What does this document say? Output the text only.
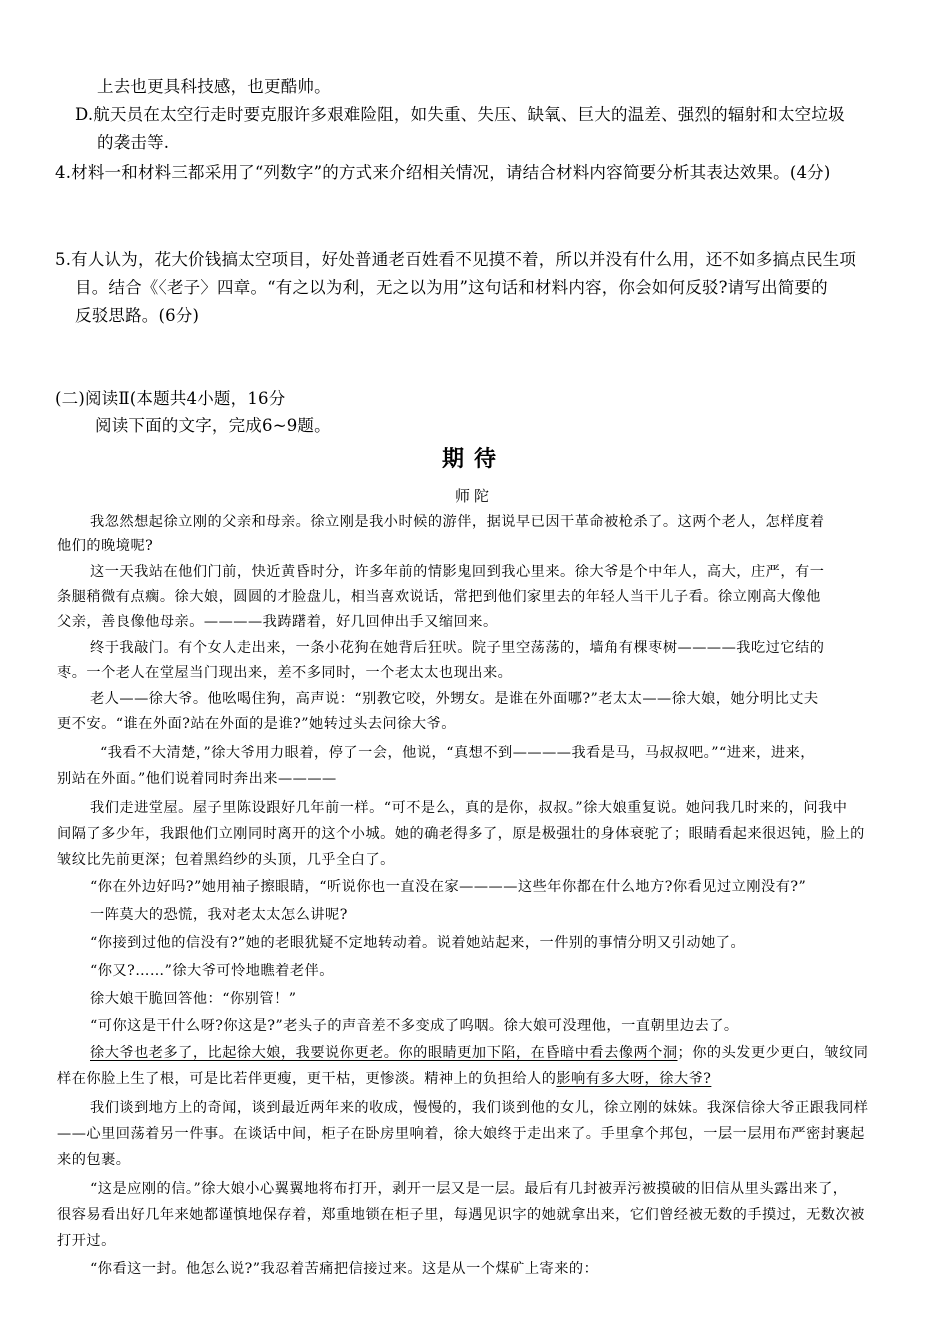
上去也更具科技感，也更酷帅。
D.航天员在太空行走时要克服许多艰难险阻，如失重、失压、缺氧、巨大的温差、强烈的辐射和太空垃圾
的袭击等.
4.材料一和材料三都采用了“列数字”的方式来介绍相关情况，请结合材料内容简要分析其表达效果。(4分)
5.有人认为，花大价钱搞太空项目，好处普通老百姓看不见摸不着，所以并没有什么用，还不如多搞点民生项
目。结合《〈老子〉四章。“有之以为利，无之以为用”这句话和材料内容，你会如何反驳?请写出简要的
反驳思路。(6分)
(二)阅读Ⅱ(本题共4小题，16分
阅读下面的文字，完成6~9题。
期待
师陀
我忽然想起徐立刚的父亲和母亲。徐立刚是我小时候的游伴，据说早已因干革命被枪杀了。这两个老人，怎样度着
他们的晚境呢?
这一天我站在他们门前，快近黄昏时分，许多年前的情影鬼回到我心里来。徐大爷是个中年人，高大，庄严，有一
条腿稍微有点瘸。徐大娘，圆圆的才脸盘儿，相当喜欢说话，常把到他们家里去的年轻人当干儿子看。徐立刚高大像他
父亲，善良像他母亲。————我踌躇着，好几回伸出手又缩回来。
终于我敲门。有个女人走出来，一条小花狗在她背后狂吠。院子里空荡荡的，墙角有棵枣树————我吃过它结的
枣。一个老人在堂屋当门现出来，差不多同时，一个老太太也现出来。
老人——徐大爷。他吆喝住狗，高声说：“别教它咬，外甥女。是谁在外面哪?”老太太——徐大娘，她分明比丈夫
更不安。“谁在外面?站在外面的是谁?”她转过头去问徐大爷。
“我看不大清楚，”徐大爷用力眼着，停了一会，他说，“真想不到————我看是马，马叔叔吧。”“进来，进来，
别站在外面。”他们说着同时奔出来————
我们走进堂屋。屋子里陈设跟好几年前一样。“可不是么，真的是你，叔叔。”徐大娘重复说。她问我几时来的，问我中
间隔了多少年，我跟他们立刚同时离开的这个小城。她的确老得多了，原是极强壮的身体衰驼了；眼睛看起来很迟钝，脸上的
皱纹比先前更深；包着黑绉纱的头顶，几乎全白了。
“你在外边好吗?”她用袖子擦眼睛，“听说你也一直没在家————这些年你都在什么地方?你看见过立刚没有?”
一阵莫大的恐慌，我对老太太怎么讲呢?
“你接到过他的信没有?”她的老眼犹疑不定地转动着。说着她站起来，一件别的事情分明又引动她了。
“你又?……”徐大爷可怜地瞧着老伴。
徐大娘干脆回答他：“你别管！”
“可你这是干什么呀?你这是?”老头子的声音差不多变成了呜咽。徐大娘可没理他，一直朝里边去了。
徐大爷也老多了，比起徐大娘，我要说你更老。你的眼睛更加下陷，在昏暗中看去像两个洞；你的头发更少更白，皱纹同
样在你脸上生了根，可是比若伴更瘦，更干枯，更惨淡。精神上的负担给人的影响有多大呀，徐大爷?
我们谈到地方上的奇闻，谈到最近两年来的收成，慢慢的，我们谈到他的女儿，徐立刚的妹妹。我深信徐大爷正跟我同样
——心里回荡着另一件事。在谈话中间，柜子在卧房里响着，徐大娘终于走出来了。手里拿个邦包，一层一层用布严密封裹起
来的包裹。
“这是应刚的信。”徐大娘小心翼翼地将布打开，剥开一层又是一层。最后有几封被弄污被摸破的旧信从里头露出来了，
很容易看出好几年来她都谨慎地保存着，郑重地锁在柜子里，每遇见识字的她就拿出来，它们曾经被无数的手摸过，无数次被
打开过。
“你看这一封。他怎么说?”我忍着苦痛把信接过来。这是从一个煤矿上寄来的：
